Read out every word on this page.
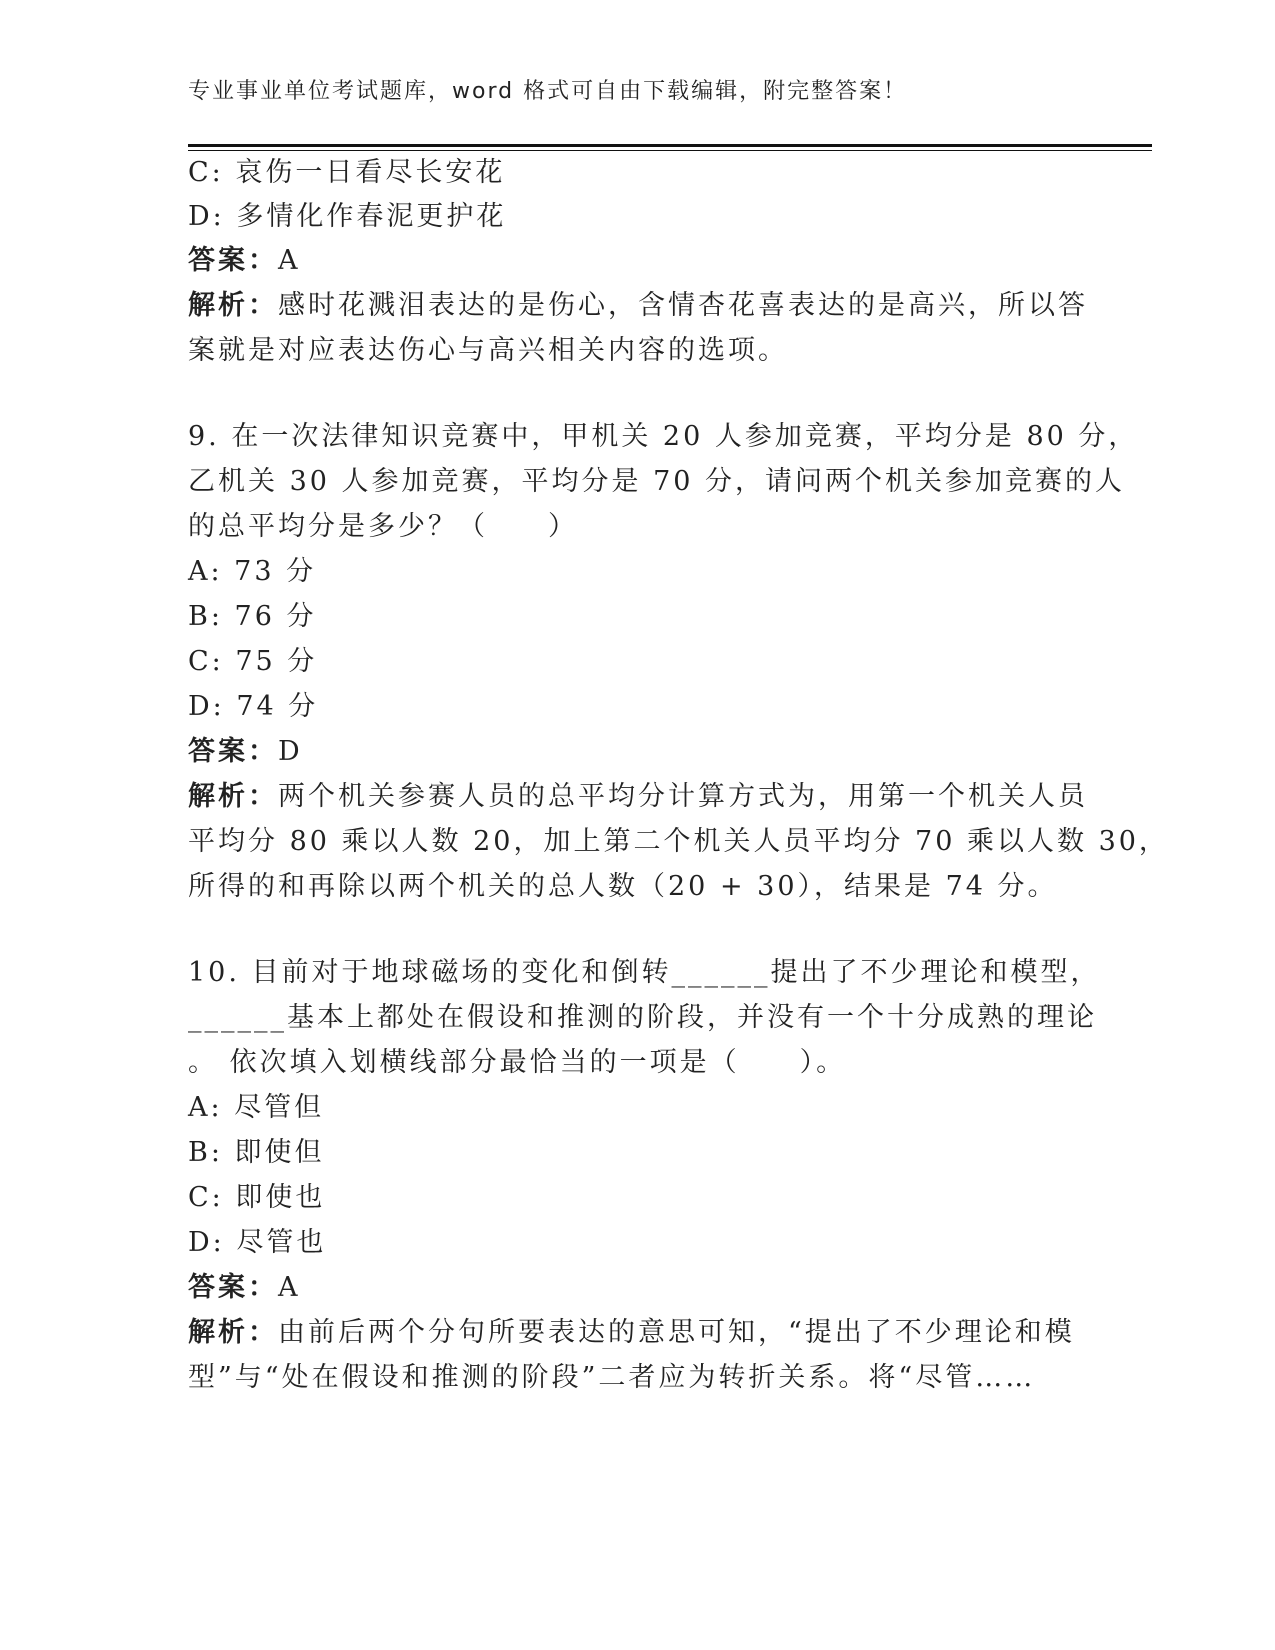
专业事业单位考试题库，word 格式可自由下载编辑，附完整答案！
C: 哀伤一日看尽长安花
D: 多情化作春泥更护花
答案：A
解析：感时花溅泪表达的是伤心，含情杏花喜表达的是高兴，所以答
案就是对应表达伤心与高兴相关内容的选项。
9. 在一次法律知识竞赛中，甲机关 20 人参加竞赛，平均分是 80 分，
乙机关 30 人参加竞赛，平均分是 70 分，请问两个机关参加竞赛的人
的总平均分是多少？（　　）
A: 73 分
B: 76 分
C: 75 分
D: 74 分
答案：D
解析：两个机关参赛人员的总平均分计算方式为，用第一个机关人员
平均分 80 乘以人数 20，加上第二个机关人员平均分 70 乘以人数 30，
所得的和再除以两个机关的总人数（20 + 30），结果是 74 分。
10. 目前对于地球磁场的变化和倒转______提出了不少理论和模型，
______基本上都处在假设和推测的阶段，并没有一个十分成熟的理论
。 依次填入划横线部分最恰当的一项是（　　）。
A: 尽管但
B: 即使但
C: 即使也
D: 尽管也
答案：A
解析：由前后两个分句所要表达的意思可知，“提出了不少理论和模
型”与“处在假设和推测的阶段”二者应为转折关系。将“尽管……
